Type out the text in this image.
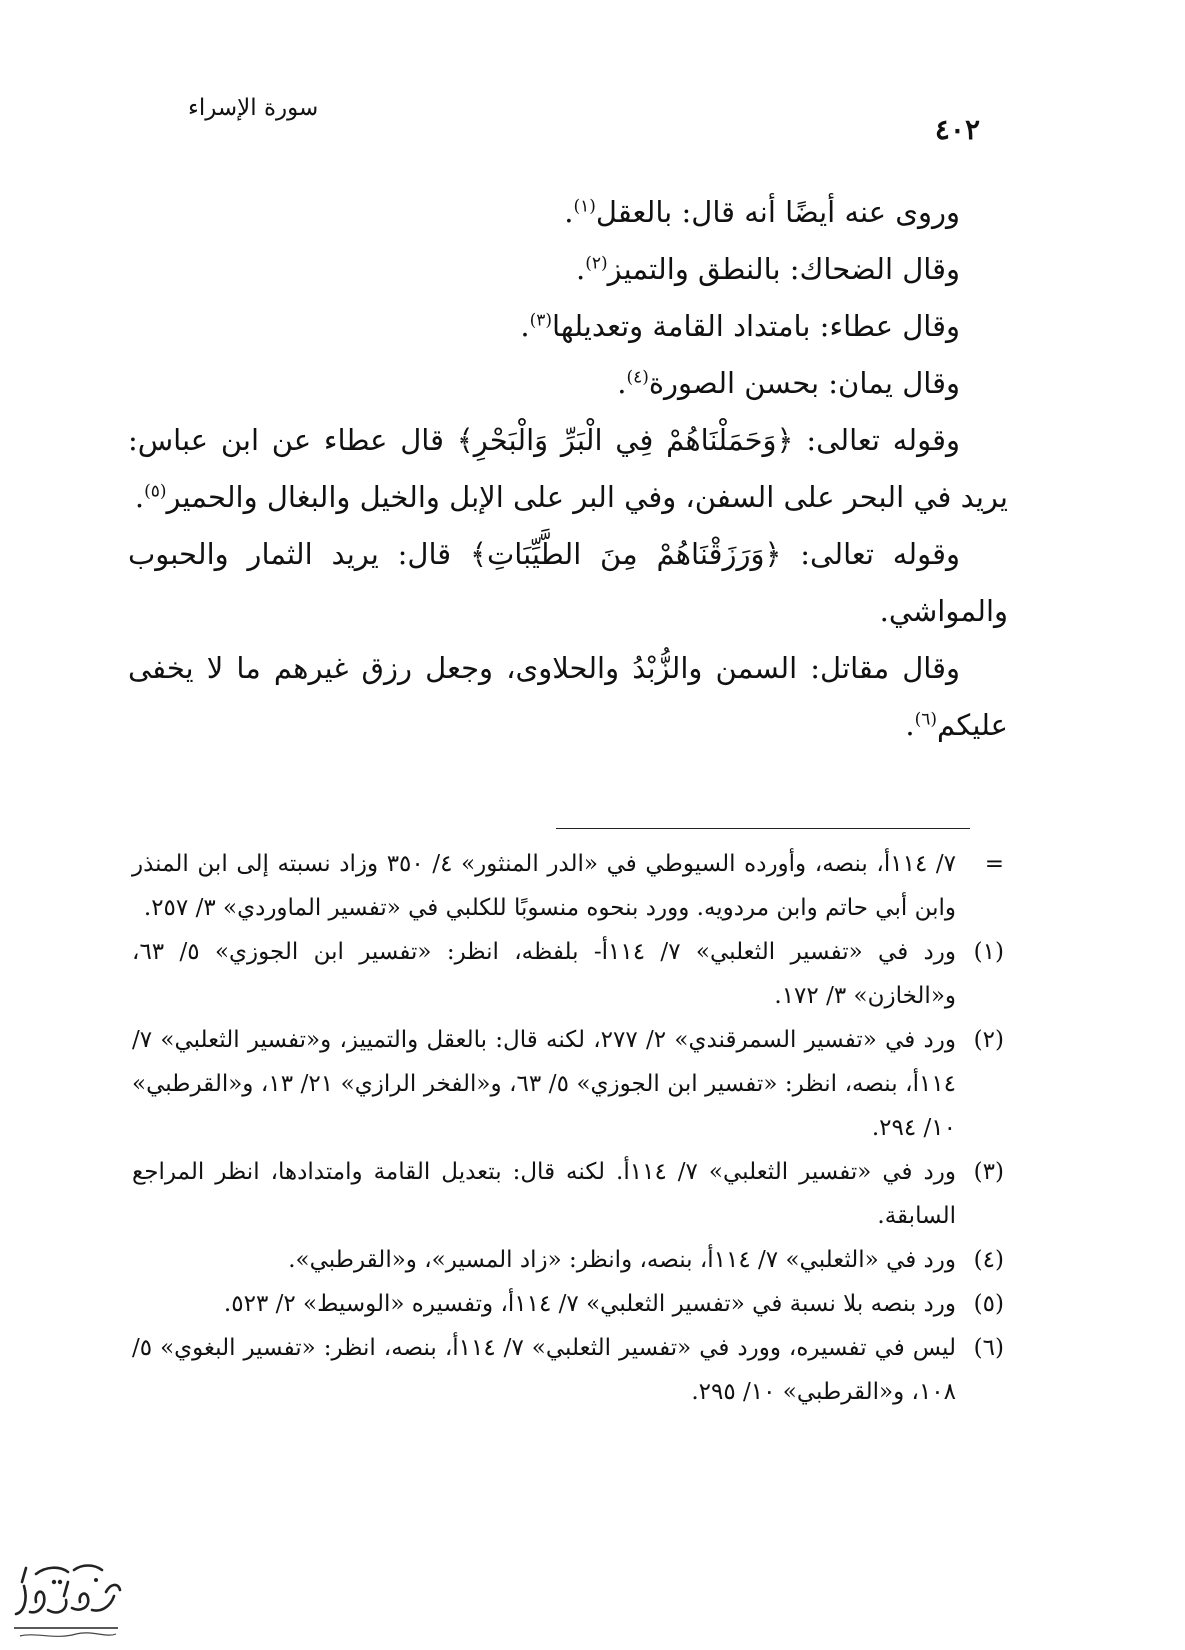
سورة الإسراء
٤٠٢

وروى عنه أيضًا أنه قال: بالعقل$^{(١)}$.

وقال الضحاك: بالنطق والتميز$^{(٢)}$.

وقال عطاء: بامتداد القامة وتعديلها$^{(٣)}$.

وقال يمان: بحسن الصورة$^{(٤)}$.

وقوله تعالى: ﴿وَحَمَلْنَاهُمْ فِي الْبَرِّ وَالْبَحْرِ﴾ قال عطاء عن ابن عباس: يريد في البحر على السفن، وفي البر على الإبل والخيل والبغال والحمير$^{(٥)}$.

وقوله تعالى: ﴿وَرَزَقْنَاهُمْ مِنَ الطَّيِّبَاتِ﴾ قال: يريد الثمار والحبوب والمواشي.

وقال مقاتل: السمن والزُّبْدُ والحلاوى، وجعل رزق غيرهم ما لا يخفى عليكم$^{(٦)}$.

=
٧/ ١١٤أ، بنصه، وأورده السيوطي في «الدر المنثور» ٤/ ٣٥٠ وزاد نسبته إلى ابن المنذر وابن أبي حاتم وابن مردويه. وورد بنحوه منسوبًا للكلبي في «تفسير الماوردي» ٣/ ٢٥٧.
(١)
ورد في «تفسير الثعلبي» ٧/ ١١٤أ- بلفظه، انظر: «تفسير ابن الجوزي» ٥/ ٦٣، و«الخازن» ٣/ ١٧٢.
(٢)
ورد في «تفسير السمرقندي» ٢/ ٢٧٧، لكنه قال: بالعقل والتمييز، و«تفسير الثعلبي» ٧/ ١١٤أ، بنصه، انظر: «تفسير ابن الجوزي» ٥/ ٦٣، و«الفخر الرازي» ٢١/ ١٣، و«القرطبي» ١٠/ ٢٩٤.
(٣)
ورد في «تفسير الثعلبي» ٧/ ١١٤أ. لكنه قال: بتعديل القامة وامتدادها، انظر المراجع السابقة.
(٤)
ورد في «الثعلبي» ٧/ ١١٤أ، بنصه، وانظر: «زاد المسير»، و«القرطبي».
(٥)
ورد بنصه بلا نسبة في «تفسير الثعلبي» ٧/ ١١٤أ، وتفسيره «الوسيط» ٢/ ٥٢٣.
(٦)
ليس في تفسيره، وورد في «تفسير الثعلبي» ٧/ ١١٤أ، بنصه، انظر: «تفسير البغوي» ٥/ ١٠٨، و«القرطبي» ١٠/ ٢٩٥.
